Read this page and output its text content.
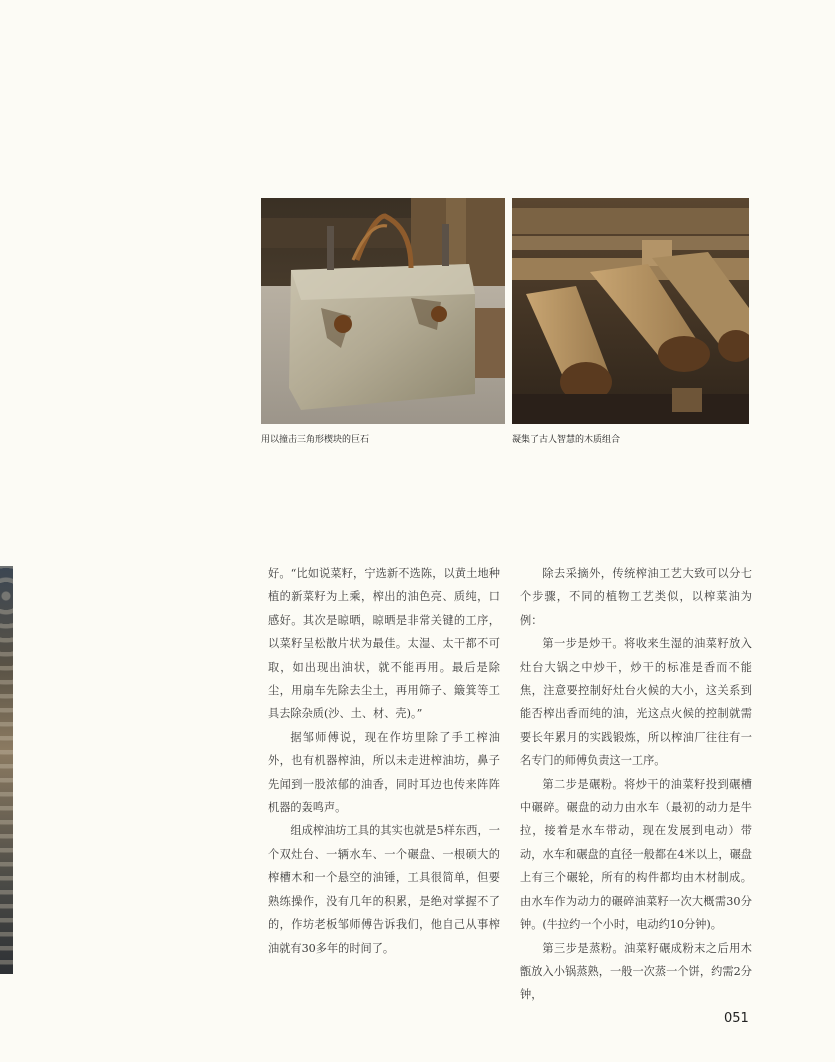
用以撞击三角形楔块的巨石	凝集了古人智慧的木质组合

好。“比如说菜籽，宁选新不选陈，以黄土地种植的新菜籽为上乘，榨出的油色亮、质纯，口感好。其次是晾晒，晾晒是非常关键的工序，以菜籽呈松散片状为最佳。太湿、太干都不可取，如出现出油状，就不能再用。最后是除尘，用扇车先除去尘土，再用筛子、簸箕等工具去除杂质(沙、土、材、壳)。”

据邹师傅说，现在作坊里除了手工榨油外，也有机器榨油，所以未走进榨油坊，鼻子先闻到一股浓郁的油香，同时耳边也传来阵阵机器的轰鸣声。

组成榨油坊工具的其实也就是5样东西，一个双灶台、一辆水车、一个碾盘、一根硕大的榨槽木和一个悬空的油锤，工具很简单，但要熟练操作，没有几年的积累，是绝对掌握不了的，作坊老板邹师傅告诉我们，他自己从事榨油就有30多年的时间了。

除去采摘外，传统榨油工艺大致可以分七个步骤，不同的植物工艺类似，以榨菜油为例：

第一步是炒干。将收来生湿的油菜籽放入灶台大锅之中炒干，炒干的标准是香而不能焦，注意要控制好灶台火候的大小，这关系到能否榨出香而纯的油，光这点火候的控制就需要长年累月的实践锻炼，所以榨油厂往往有一名专门的师傅负责这一工序。

第二步是碾粉。将炒干的油菜籽投到碾槽中碾碎。碾盘的动力由水车（最初的动力是牛拉，接着是水车带动，现在发展到电动）带动，水车和碾盘的直径一般都在4米以上，碾盘上有三个碾轮，所有的构件都均由木材制成。由水车作为动力的碾碎油菜籽一次大概需30分钟。(牛拉约一个小时，电动约10分钟)。

第三步是蒸粉。油菜籽碾成粉末之后用木甑放入小锅蒸熟，一般一次蒸一个饼，约需2分钟，

051
